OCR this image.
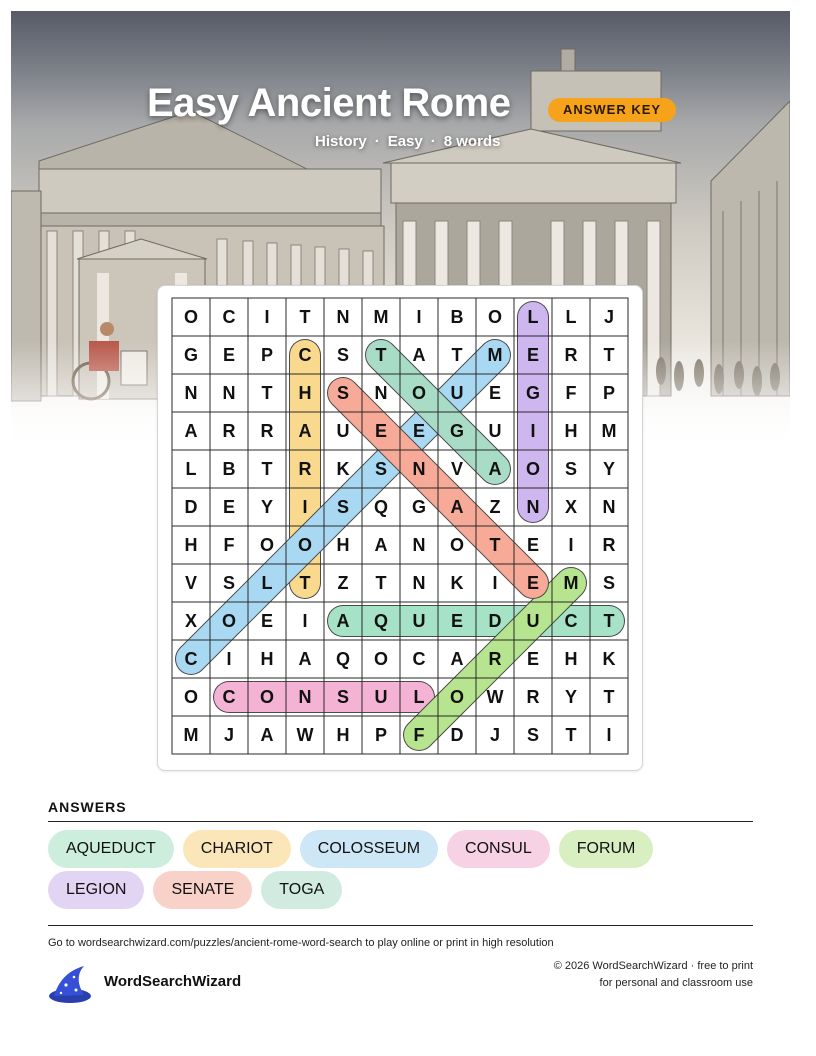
Easy Ancient Rome	ANSWER KEY
History · Easy · 8 words
O C I T N M I B O L L J
G E P C S T A T M E R T
N N T H S N O U E G F P
A R R A U E E G U I H M
L B T R K S N V A O S Y
D E Y I S Q G A Z N X N
H F O O H A N O T E I R
V S L T Z T N K I E M S
X O E I A Q U E D U C T
C I H A Q O C A R E H K
O C O N S U L O W R Y T
M J A W H P F D J S T I
ANSWERS
AQUEDUCT	CHARIOT	COLOSSEUM	CONSUL	FORUM
LEGION	SENATE	TOGA
Go to wordsearchwizard.com/puzzles/ancient-rome-word-search to play online or print in high resolution
WordSearchWizard
© 2026 WordSearchWizard · free to print for personal and classroom use
